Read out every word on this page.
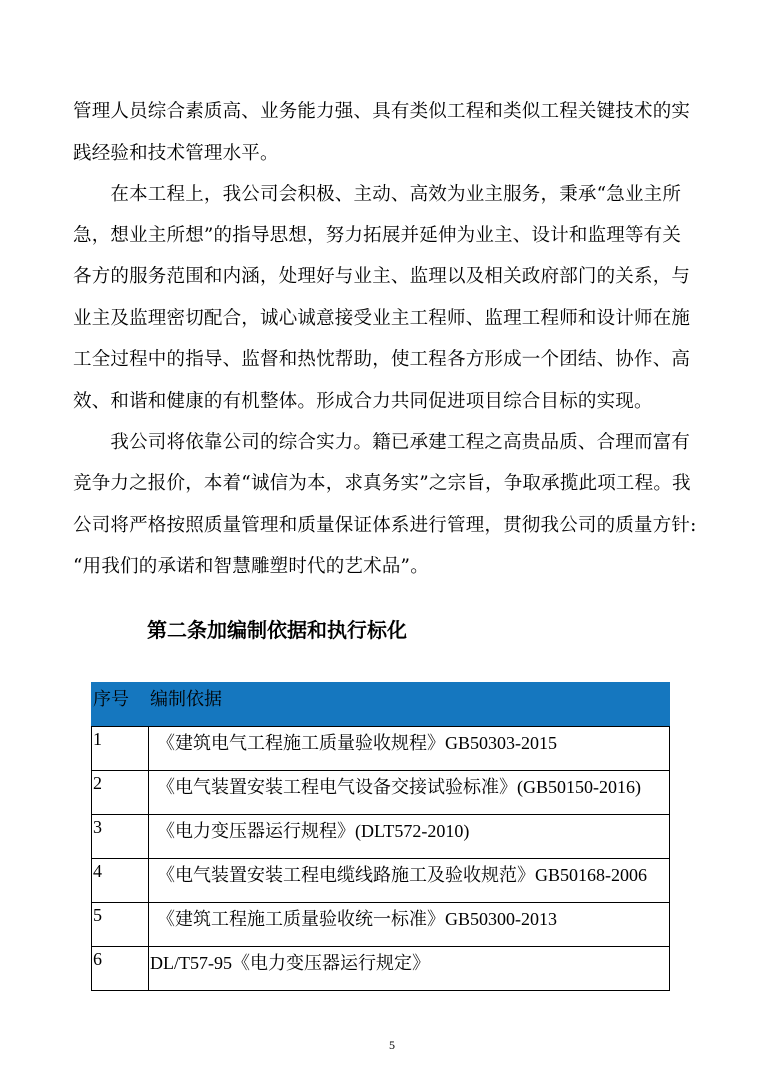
管理人员综合素质高、业务能力强、具有类似工程和类似工程关键技术的实
践经验和技术管理水平。
　　在本工程上，我公司会积极、主动、高效为业主服务，秉承“急业主所
急，想业主所想”的指导思想，努力拓展并延伸为业主、设计和监理等有关
各方的服务范围和内涵，处理好与业主、监理以及相关政府部门的关系，与
业主及监理密切配合，诚心诚意接受业主工程师、监理工程师和设计师在施
工全过程中的指导、监督和热忱帮助，使工程各方形成一个团结、协作、高
效、和谐和健康的有机整体。形成合力共同促进项目综合目标的实现。
　　我公司将依靠公司的综合实力。籍已承建工程之高贵品质、合理而富有
竞争力之报价，本着“诚信为本，求真务实”之宗旨，争取承揽此项工程。我
公司将严格按照质量管理和质量保证体系进行管理，贯彻我公司的质量方针:
“用我们的承诺和智慧雕塑时代的艺术品”。
第二条加编制依据和执行标化
序号	编制依据
1	《建筑电气工程施工质量验收规程》GB50303-2015
2	《电气装置安装工程电气设备交接试验标准》(GB50150-2016)
3	《电力变压器运行规程》(DLT572-2010)
4	《电气装置安装工程电缆线路施工及验收规范》GB50168-2006
5	《建筑工程施工质量验收统一标准》GB50300-2013
6	DL/T57-95《电力变压器运行规定》
5
